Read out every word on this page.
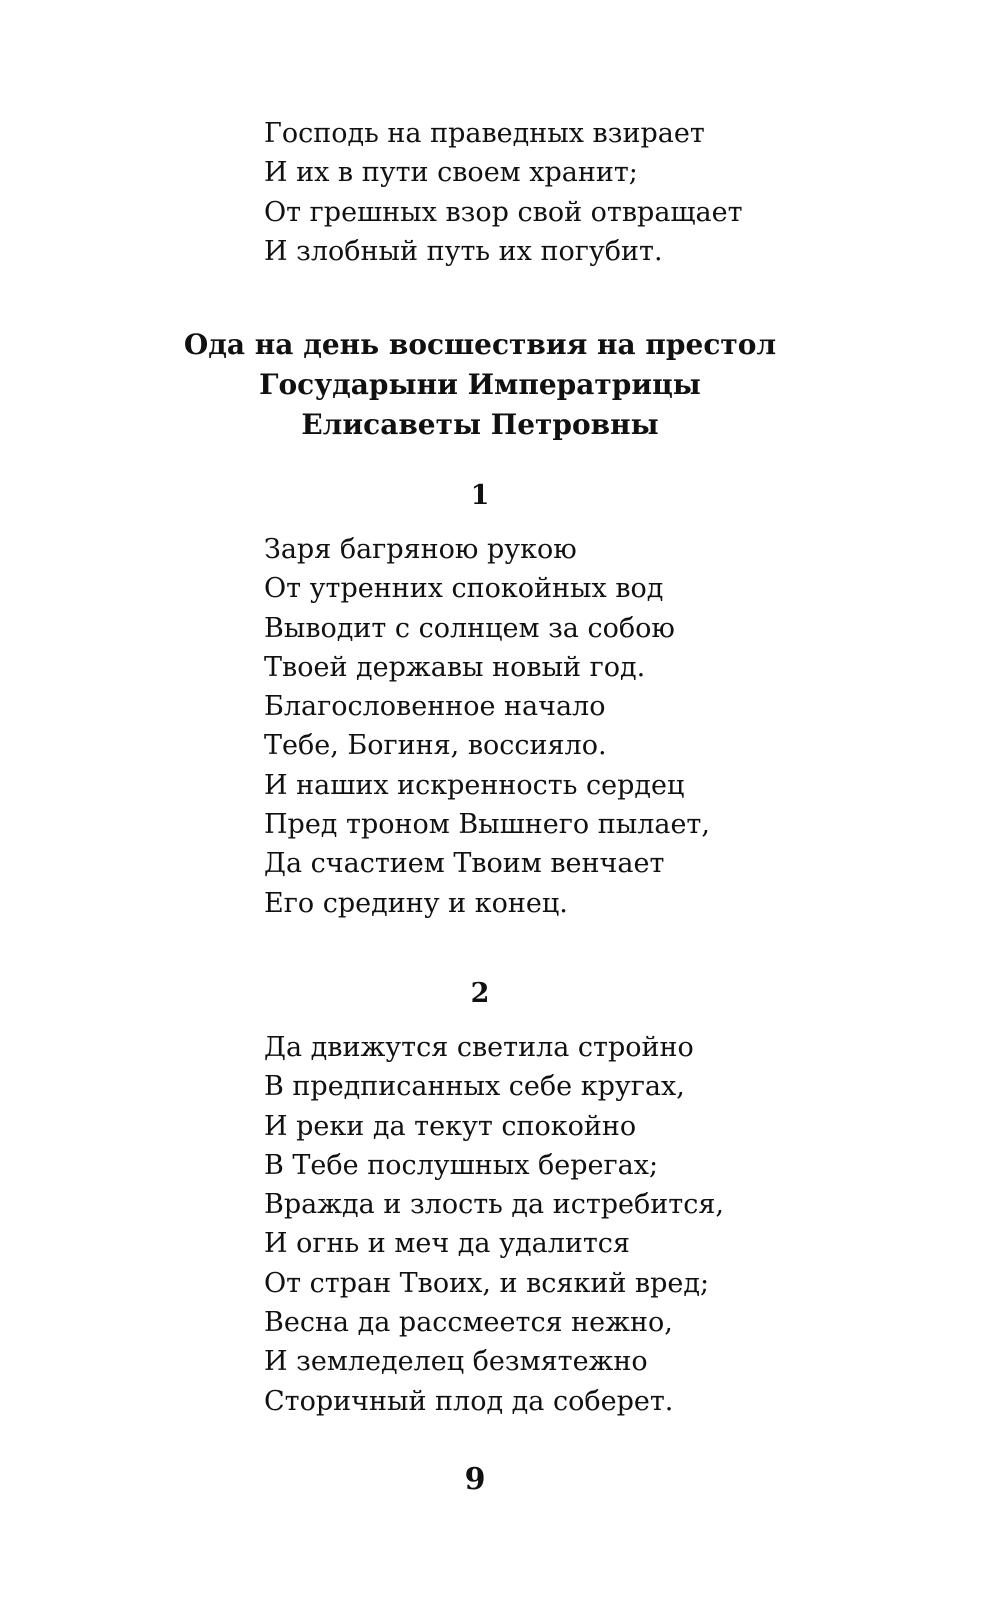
Господь на праведных взирает
И их в пути своем хранит;
От грешных взор свой отвращает
И злобный путь их погубит.
Ода на день восшествия на престол
Государыни Императрицы
Елисаветы Петровны
1
Заря багряною рукою
От утренних спокойных вод
Выводит с солнцем за собою
Твоей державы новый год.
Благословенное начало
Тебе, Богиня, воссияло.
И наших искренность сердец
Пред троном Вышнего пылает,
Да счастием Твоим венчает
Его средину и конец.
2
Да движутся светила стройно
В предписанных себе кругах,
И реки да текут спокойно
В Тебе послушных берегах;
Вражда и злость да истребится,
И огнь и меч да удалится
От стран Твоих, и всякий вред;
Весна да рассмеется нежно,
И земледелец безмятежно
Сторичный плод да соберет.
9
